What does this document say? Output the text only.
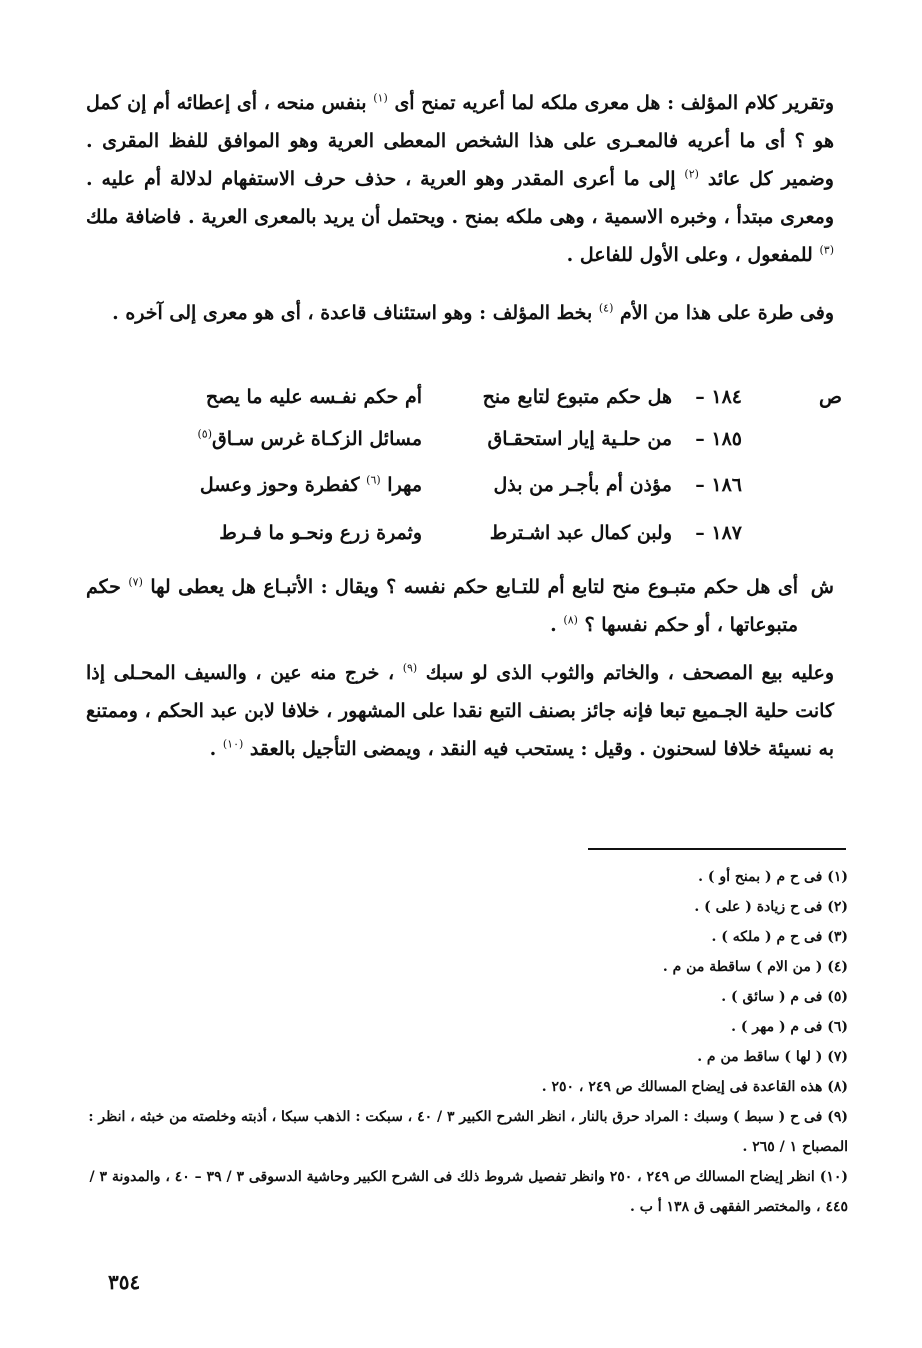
وتقرير كلام المؤلف : هل معرى ملكه لما أعريه تمنح أى $^{(١)}$ بنفس منحه ، أى إعطائه أم إن كمل هو ؟ أى ما أعريه فالمعـرى على هذا الشخص المعطى العرية وهو الموافق للفظ المقرى . وضمير كل عائد $^{(٢)}$ إلى ما أعرى المقدر وهو العرية ، حذف حرف الاستفهام لدلالة أم عليه . ومعرى مبتدأ ، وخبره الاسمية ، وهى ملكه بمنح . ويحتمل أن يريد بالمعرى العرية . فاضافة ملك $^{(٣)}$ للمفعول ، وعلى الأول للفاعل .

وفى طرة على هذا من الأم $^{(٤)}$ بخط المؤلف : وهو استئناف قاعدة ، أى هو معرى إلى آخره .

ص
١٨٤ –
هل حكم متبوع لتابع منح
أم حكم نفـسه عليه ما يصح
١٨٥ –
من حلـية إيار استحقـاق
مسائل الزكـاة غرس سـاق$^{(٥)}$
١٨٦ –
مؤذن أم بأجـر من بذل
مهرا $^{(٦)}$ كفطرة وحوز وعسل
١٨٧ –
ولبن كمال عبد اشـترط
وثمرة زرع ونحـو ما فـرط
ش

أى هل حكم متبـوع منح لتابع أم للتـابع حكم نفسه ؟ ويقال : الأتبـاع هل يعطى لها $^{(٧)}$ حكم متبوعاتها ، أو حكم نفسها ؟ $^{(٨)}$ .

وعليه بيع المصحف ، والخاتم والثوب الذى لو سبك $^{(٩)}$ ، خرج منه عين ، والسيف المحـلى إذا كانت حلية الجـميع تبعا فإنه جائز بصنف التبع نقدا على المشهور ، خلافا لابن عبد الحكم ، وممتنع به نسيئة خلافا لسحنون . وقيل : يستحب فيه النقد ، ويمضى التأجيل بالعقد $^{(١٠)}$ .

(١) فى ح م ( بمنح أو ) .
(٢) فى ح زيادة ( على ) .
(٣) فى ح م ( ملكه ) .
(٤) ( من الام ) ساقطة من م .
(٥) فى م ( سائق ) .
(٦) فى م ( مهر ) .
(٧) ( لها ) ساقط من م .
(٨) هذه القاعدة فى إيضاح المسالك ص ٢٤٩ ، ٢٥٠ .
(٩) فى ح ( سبط ) وسبك : المراد حرق بالنار ، انظر الشرح الكبير ٣ / ٤٠ ، سبكت : الذهب سبكا ، أذبته وخلصته من خبثه ، انظر : المصباح ١ / ٢٦٥ .
(١٠) انظر إيضاح المسالك ص ٢٤٩ ، ٢٥٠ وانظر تفصيل شروط ذلك فى الشرح الكبير وحاشية الدسوقى ٣ / ٣٩ – ٤٠ ، والمدونة ٣ / ٤٤٥ ، والمختصر الفقهى ق ١٣٨ أ ب .
٣٥٤
